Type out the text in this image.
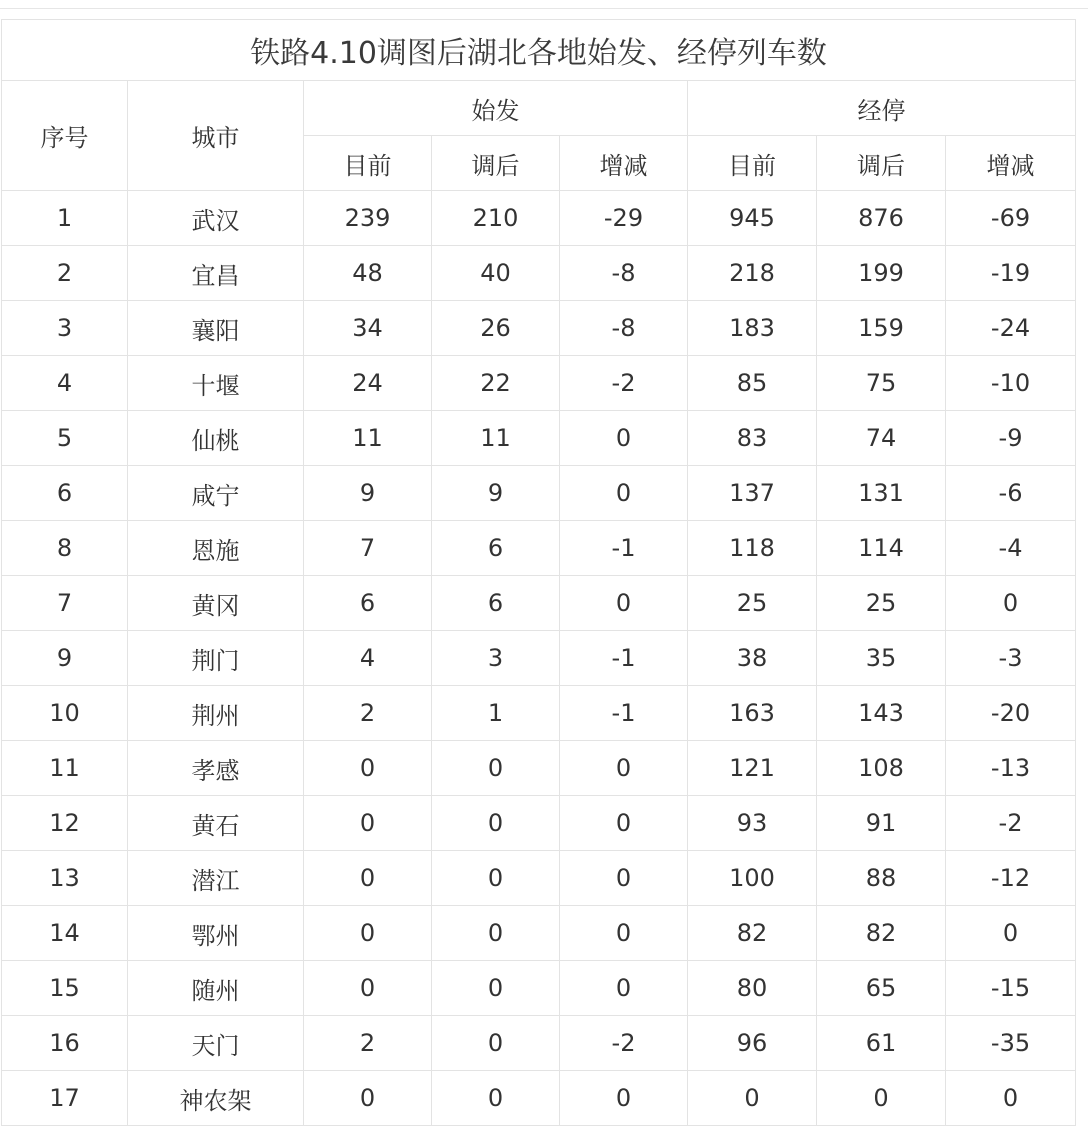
铁路4.10调图后湖北各地始发、经停列车数							
序号	城市	始发			经停		
		目前	调后	增减	目前	调后	增减
1	武汉	239	210	-29	945	876	-69
2	宜昌	48	40	-8	218	199	-19
3	襄阳	34	26	-8	183	159	-24
4	十堰	24	22	-2	85	75	-10
5	仙桃	11	11	0	83	74	-9
6	咸宁	9	9	0	137	131	-6
8	恩施	7	6	-1	118	114	-4
7	黄冈	6	6	0	25	25	0
9	荆门	4	3	-1	38	35	-3
10	荆州	2	1	-1	163	143	-20
11	孝感	0	0	0	121	108	-13
12	黄石	0	0	0	93	91	-2
13	潜江	0	0	0	100	88	-12
14	鄂州	0	0	0	82	82	0
15	随州	0	0	0	80	65	-15
16	天门	2	0	-2	96	61	-35
17	神农架	0	0	0	0	0	0
